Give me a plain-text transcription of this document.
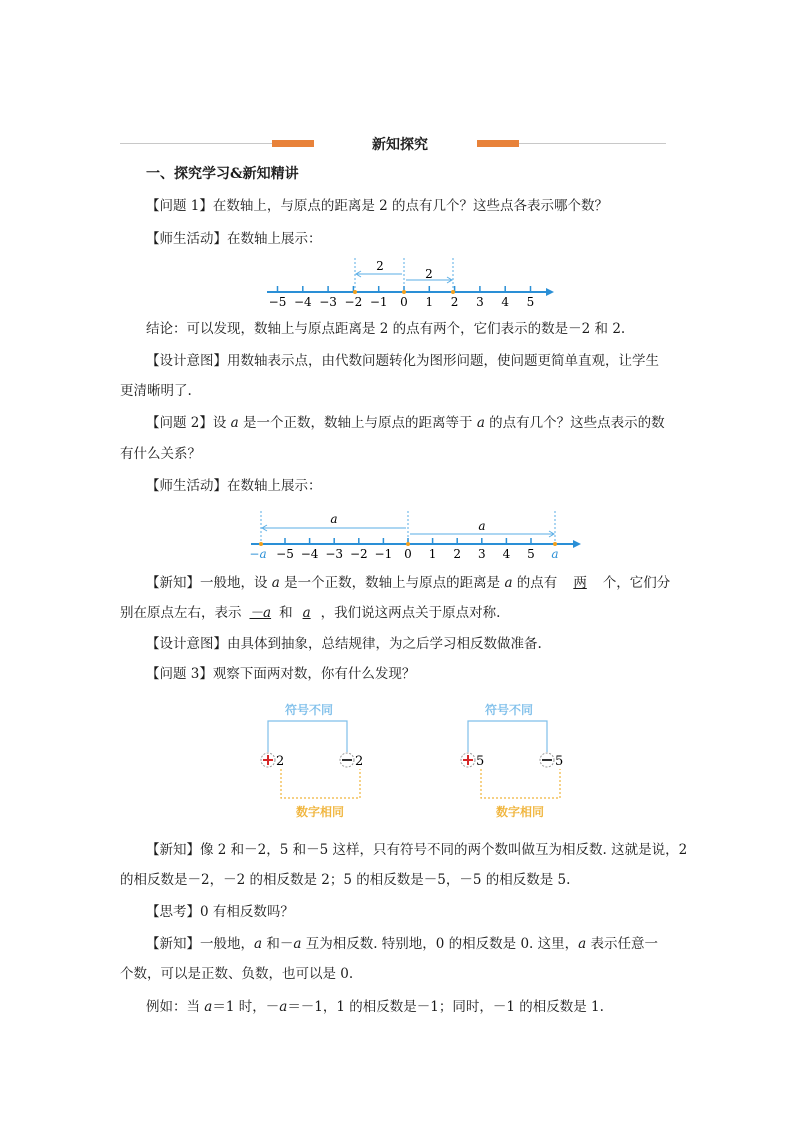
新知探究
一、探究学习&新知精讲
【问题 1】在数轴上，与原点的距离是 2 的点有几个？这些点各表示哪个数？
【师生活动】在数轴上展示：
2
2
−5 −4 −3 −2 −1 0 1 2 3 4 5
结论：可以发现，数轴上与原点距离是 2 的点有两个，它们表示的数是－2 和 2.
【设计意图】用数轴表示点，由代数问题转化为图形问题，使问题更简单直观，让学生
更清晰明了.
【问题 2】设 a 是一个正数，数轴上与原点的距离等于 a 的点有几个？这些点表示的数
有什么关系？
【师生活动】在数轴上展示：
a	a
−5 −4 −3 −2 −1 0 1 2 3 4 5
−a	a
【新知】一般地，设 a 是一个正数，数轴上与原点的距离是 a 的点有 两 个，它们分
别在原点左右，表示 －a 和 a ，我们说这两点关于原点对称.
【设计意图】由具体到抽象，总结规律，为之后学习相反数做准备.
【问题 3】观察下面两对数，你有什么发现？
符号不同
2	2
数字相同
符号不同
5	5
数字相同
【新知】像 2 和－2，5 和－5 这样，只有符号不同的两个数叫做互为相反数. 这就是说，2
的相反数是－2，－2 的相反数是 2；5 的相反数是－5，－5 的相反数是 5.
【思考】0 有相反数吗？
【新知】一般地，a 和－a 互为相反数. 特别地，0 的相反数是 0. 这里，a 表示任意一
个数，可以是正数、负数，也可以是 0.
例如：当 a＝1 时，－a＝－1，1 的相反数是－1；同时，－1 的相反数是 1.
